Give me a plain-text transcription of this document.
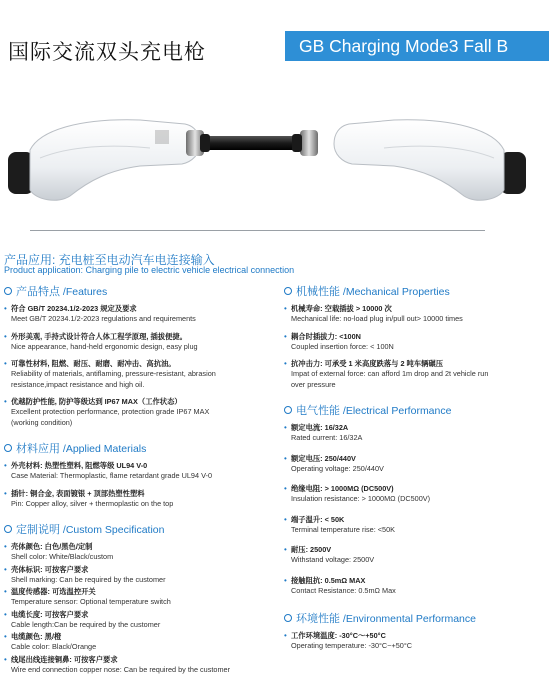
国际交流双头充电枪	GB Charging Mode3 Fall B
产品应用: 充电桩至电动汽车电连接输入
Product application: Charging pile to electric vehicle electrical connection
产品特点 /Features
• 符合 GB/T 20234.1/2-2023 规定及要求
Meet GB/T 20234.1/2-2023 regulations and requirements
• 外形美观, 手持式设计符合人体工程学原理, 插拔便捷。
Nice appearance, hand-held ergonomic design, easy plug
• 可靠性材料, 阻燃、耐压、耐磨、耐冲击、高抗油。
Reliability of materials, antiflaming, pressure-resistant, abrasion
resistance,impact resistance and high oil.
• 优越防护性能, 防护等级达到 IP67 MAX（工作状态）
Excellent protection performance, protection grade IP67 MAX
(working condition)
材料应用 /Applied Materials
• 外壳材料: 热塑性塑料, 阻燃等级 UL94 V-0
Case Material: Thermoplastic, flame retardant grade UL94 V-0
• 插针: 铜合金, 表面镀银 + 顶部热塑性塑料
Pin: Copper alloy, silver + thermoplastic on the top
定制说明 /Custom Specification
• 壳体颜色: 白色/黑色/定制
Shell color: White/Black/custom
• 壳体标识: 可按客户要求
Shell marking: Can be required by the customer
• 温度传感器: 可选温控开关
Temperature sensor: Optional temperature switch
• 电缆长度: 可按客户要求
Cable length:Can be required by the customer
• 电缆颜色: 黑/橙
Cable color: Black/Orange
• 线尾出线连接铜鼻: 可按客户要求
Wire end connection copper nose: Can be required by the customer
机械性能 /Mechanical Properties
• 机械寿命: 空载插拔 > 10000 次
Mechanical life: no-load plug in/pull out> 10000 times
• 耦合时插拔力: <100N
Coupled insertion force: < 100N
• 抗冲击力: 可承受 1 米高度跌落与 2 吨车辆碾压
Impat of external force: can afford 1m drop and 2t vehicle run
over pressure
电气性能 /Electrical Performance
• 额定电流: 16/32A
Rated current: 16/32A
• 额定电压: 250/440V
Operating voltage: 250/440V
• 绝缘电阻: > 1000MΩ (DC500V)
Insulation resistance: > 1000MΩ (DC500V)
• 端子温升: < 50K
Terminal temperature rise: <50K
• 耐压: 2500V
Withstand voltage: 2500V
• 接触阻抗: 0.5mΩ MAX
Contact Resistance: 0.5mΩ Max
环境性能 /Environmental Performance
• 工作环境温度: -30°C～+50°C
Operating temperature: -30°C~+50°C
